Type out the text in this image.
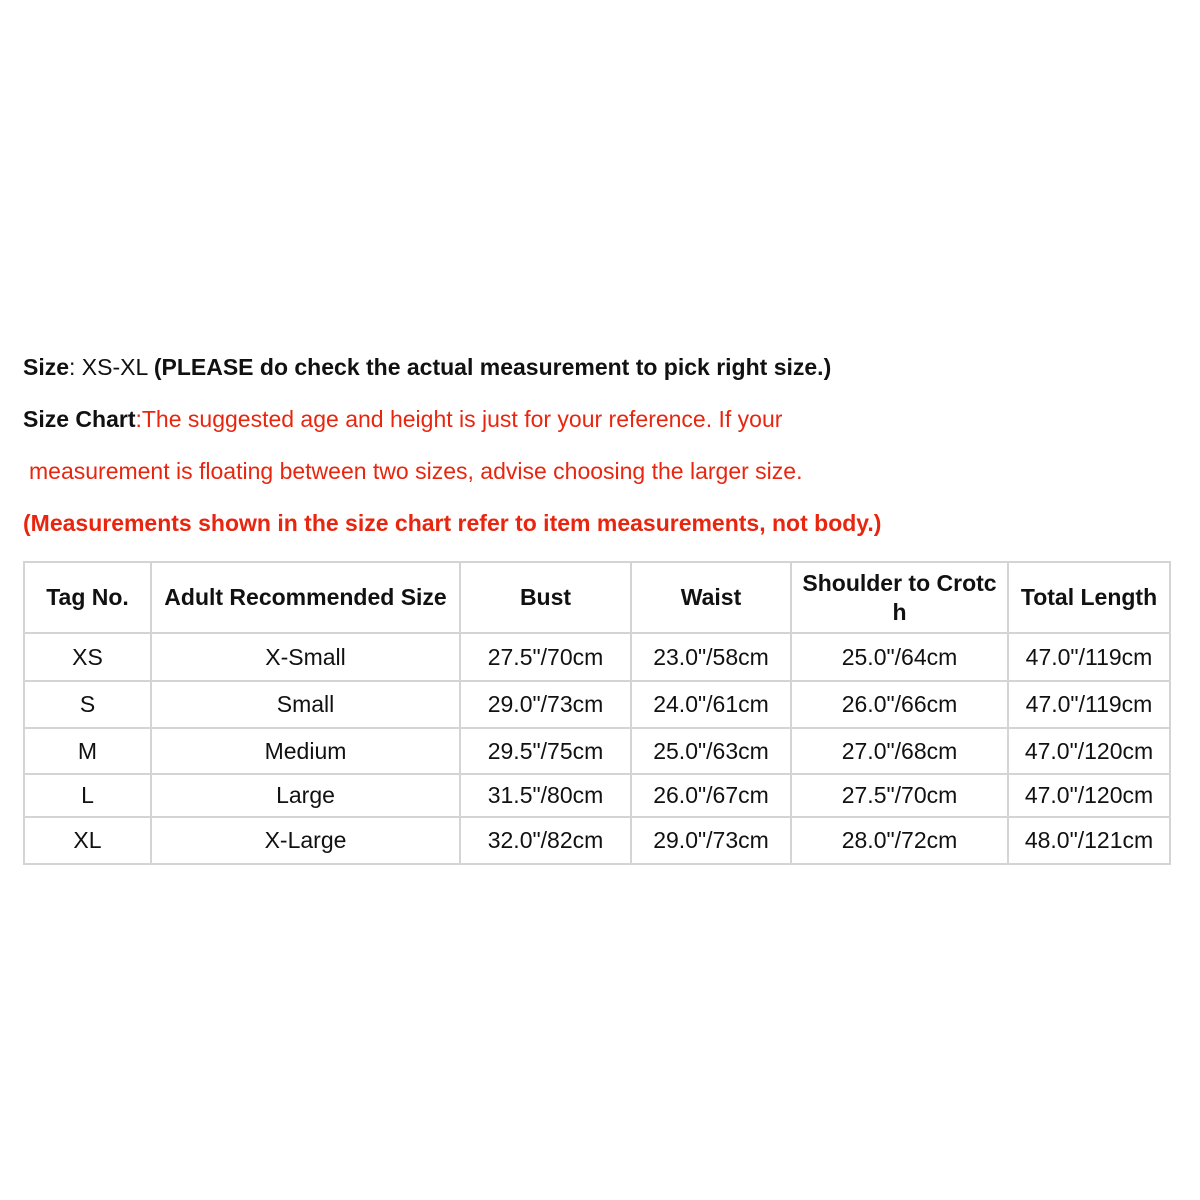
Size: XS-XL (PLEASE do check the actual measurement to pick right size.)
Size Chart:The suggested age and height is just for your reference. If your
measurement is floating between two sizes, advise choosing the larger size.
(Measurements shown in the size chart refer to item measurements, not body.)
Tag No.	Adult Recommended Size	Bust	Waist	Shoulder to Crotch	Total Length
XS	X-Small	27.5"/70cm	23.0"/58cm	25.0"/64cm	47.0"/119cm
S	Small	29.0"/73cm	24.0"/61cm	26.0"/66cm	47.0"/119cm
M	Medium	29.5"/75cm	25.0"/63cm	27.0"/68cm	47.0"/120cm
L	Large	31.5"/80cm	26.0"/67cm	27.5"/70cm	47.0"/120cm
XL	X-Large	32.0"/82cm	29.0"/73cm	28.0"/72cm	48.0"/121cm
